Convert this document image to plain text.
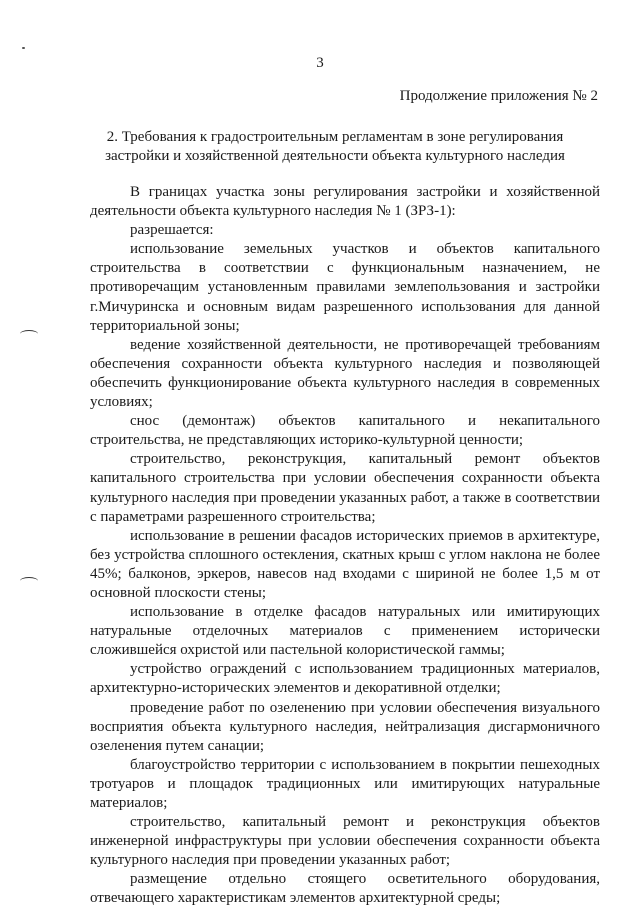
3
Продолжение приложения № 2
2. Требования к градостроительным регламентам в зоне регулирования застройки и хозяйственной деятельности объекта культурного наследия

В границах участка зоны регулирования застройки и хозяйственной деятельности объекта культурного наследия № 1 (ЗРЗ-1):

разрешается:

использование земельных участков и объектов капитального строительства в соответствии с функциональным назначением, не противоречащим установленным правилами землепользования и застройки г.Мичуринска и основным видам разрешенного использования для данной территориальной зоны;

ведение хозяйственной деятельности, не противоречащей требованиям обеспечения сохранности объекта культурного наследия и позволяющей обеспечить функционирование объекта культурного наследия в современных условиях;

снос (демонтаж) объектов капитального и некапитального строительства, не представляющих историко-культурной ценности;

строительство, реконструкция, капитальный ремонт объектов капитального строительства при условии обеспечения сохранности объекта культурного наследия при проведении указанных работ, а также в соответствии с параметрами разрешенного строительства;

использование в решении фасадов исторических приемов в архитектуре, без устройства сплошного остекления, скатных крыш с углом наклона не более 45%; балконов, эркеров, навесов над входами с шириной не более 1,5 м от основной плоскости стены;

использование в отделке фасадов натуральных или имитирующих натуральные отделочных материалов с применением исторически сложившейся охристой или пастельной колористической гаммы;

устройство ограждений с использованием традиционных материалов, архитектурно-исторических элементов и декоративной отделки;

проведение работ по озеленению при условии обеспечения визуального восприятия объекта культурного наследия, нейтрализация дисгармоничного озеленения путем санации;

благоустройство территории с использованием в покрытии пешеходных тротуаров и площадок традиционных или имитирующих натуральные материалов;

строительство, капитальный ремонт и реконструкция объектов инженерной инфраструктуры при условии обеспечения сохранности объекта культурного наследия при проведении указанных работ;

размещение отдельно стоящего осветительного оборудования, отвечающего характеристикам элементов архитектурной среды;
